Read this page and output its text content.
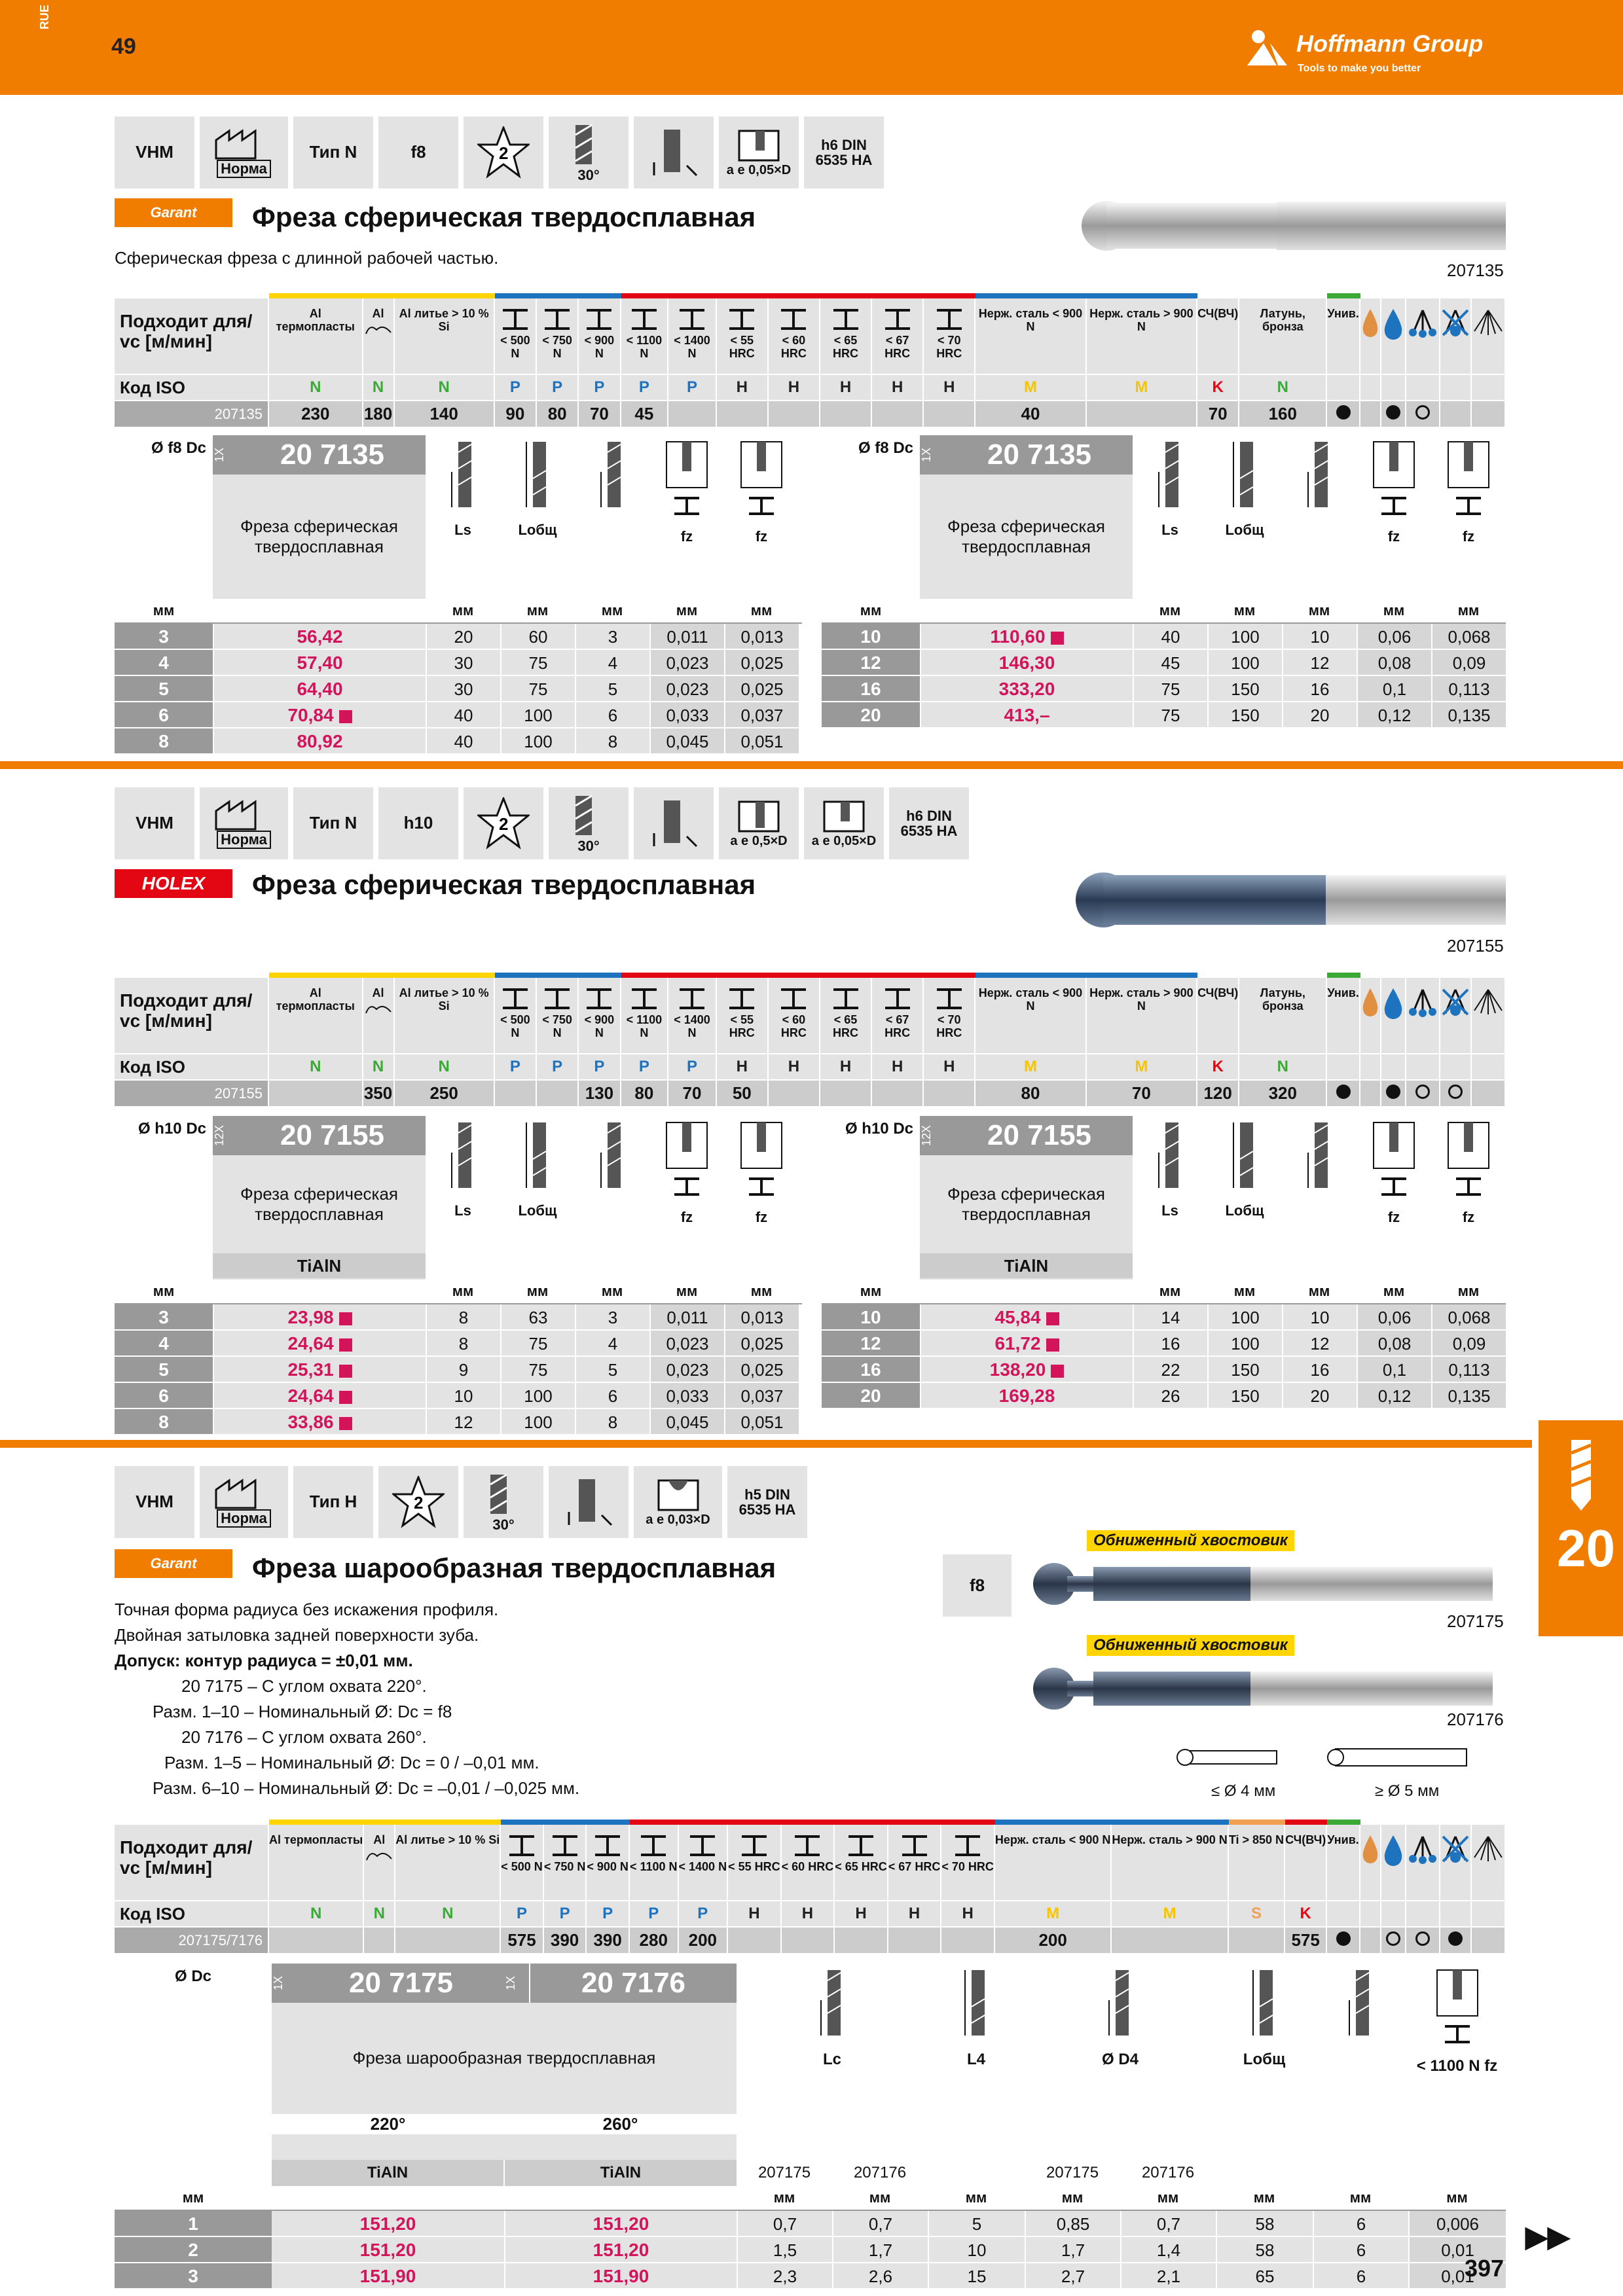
RUE
49	Hoffmann Group
Tools to make you better
VHM
Норма
Тип N	f8	2
30°	a e 0,05×D
h6 DIN 6535 HA
Garant	Фреза сферическая твердосплавная

Сферическая фреза с длинной рабочей частью.

207135
Подходит для/ vc [м/мин]	Al термопласты	Al	Al литье > 10 % Si	< 500 N	< 750 N	< 900 N	< 1100 N	< 1400 N	< 55 HRC	< 60 HRC	< 65 HRC	< 67 HRC	< 70 HRC	Нерж. сталь < 900 N	Нерж. сталь > 900 N	СЧ(ВЧ)	Латунь, бронза	Унив.					
Код ISO	N	N	N	P	P	P	P	P	H	H	H	H	H	M	M	K	N						
207135	230	180	140	90	80	70	45							40		70	160						
Ø f8 Dc 1X	20 7135
Фреза сферическая твердосплавная
Ls	Lобщ	fz	fz
мм	мм	мм	мм	мм	мм
3	56,42	20	60	3	0,011	0,013
4	57,40	30	75	4	0,023	0,025
5	64,40	30	75	5	0,023	0,025
6	70,84	40	100	6	0,033	0,037
8	80,92	40	100	8	0,045	0,051
Ø f8 Dc 1X	20 7135
Фреза сферическая твердосплавная
Ls	Lобщ	fz	fz
мм	мм	мм	мм	мм	мм
10	110,60	40	100	10	0,06	0,068
12	146,30	45	100	12	0,08	0,09
16	333,20	75	150	16	0,1	0,113
20	413,–	75	150	20	0,12	0,135
VHM
Норма
Тип N	h10	2
30°	a e 0,5×D a e 0,05×D
h6 DIN 6535 HA
HOLEX	Фреза сферическая твердосплавная
207155
Подходит для/ vc [м/мин]	Al термопласты	Al	Al литье > 10 % Si	< 500 N	< 750 N	< 900 N	< 1100 N	< 1400 N	< 55 HRC	< 60 HRC	< 65 HRC	< 67 HRC	< 70 HRC	Нерж. сталь < 900 N	Нерж. сталь > 900 N	СЧ(ВЧ)	Латунь, бронза	Унив.					
Код ISO	N	N	N	P	P	P	P	P	H	H	H	H	H	M	M	K	N						
207155		350	250			130	80	70	50					80	70	120	320						
Ø h10 Dc 12X	20 7155
Фреза сферическая твердосплавная
TiAlN
Ls	Lобщ	fz	fz
мм	мм	мм	мм	мм	мм
3	23,98	8	63	3	0,011	0,013
4	24,64	8	75	4	0,023	0,025
5	25,31	9	75	5	0,023	0,025
6	24,64	10	100	6	0,033	0,037
8	33,86	12	100	8	0,045	0,051
Ø h10 Dc 12X	20 7155
Фреза сферическая твердосплавная
TiAlN
Ls	Lобщ	fz	fz
мм	мм	мм	мм	мм	мм
10	45,84	14	100	10	0,06	0,068
12	61,72	16	100	12	0,08	0,09
16	138,20	22	150	16	0,1	0,113
20	169,28	26	150	20	0,12	0,135
20
VHM
Норма
Тип H	2
30°	a e 0,03×D
h5 DIN 6535 HA
Garant	Фреза шарообразная твердосплавная

Точная форма радиуса без искажения профиля.

Двойная затыловка задней поверхности зуба.

Допуск: контур радиуса = ±0,01 мм.

20 7175 – С углом охвата 220°.

Разм. 1–10 – Номинальный Ø: Dc = f8

20 7176 – С углом охвата 260°.

Разм. 1–5 – Номинальный Ø: Dc = 0 / –0,01 мм.

Разм. 6–10 – Номинальный Ø: Dc = –0,01 / –0,025 мм.

f8
Обниженный хвостовик
207175
Обниженный хвостовик
207176
≤ Ø 4 мм	≥ Ø 5 мм
Подходит для/ vc [м/мин]	Al термопласты	Al	Al литье > 10 % Si	< 500 N	< 750 N	< 900 N	< 1100 N	< 1400 N	< 55 HRC	< 60 HRC	< 65 HRC	< 67 HRC	< 70 HRC	Нерж. сталь < 900 N	Нерж. сталь > 900 N	Ti > 850 N	СЧ(ВЧ)	Унив.					
Код ISO	N	N	N	P	P	P	P	P	H	H	H	H	H	M	M	S	K						
207175/7176				575	390	390	280	200						200			575						
Ø Dc	1X	20 7175	1X	20 7176
Фреза шарообразная твердосплавная
220°	260°
Lc	L4	Ø D4	Lобщ	< 1100 N fz
TiAlN	TiAlN	207175	207176	207175	207176
мм	мм	мм	мм	мм	мм	мм	мм	мм
1	151,20	151,20	0,7	0,7	5	0,85	0,7	58	6	0,006
2	151,20	151,20	1,5	1,7	10	1,7	1,4	58	6	0,01
3	151,90	151,90	2,3	2,6	15	2,7	2,1	65	6	0,01
▶▶
397
